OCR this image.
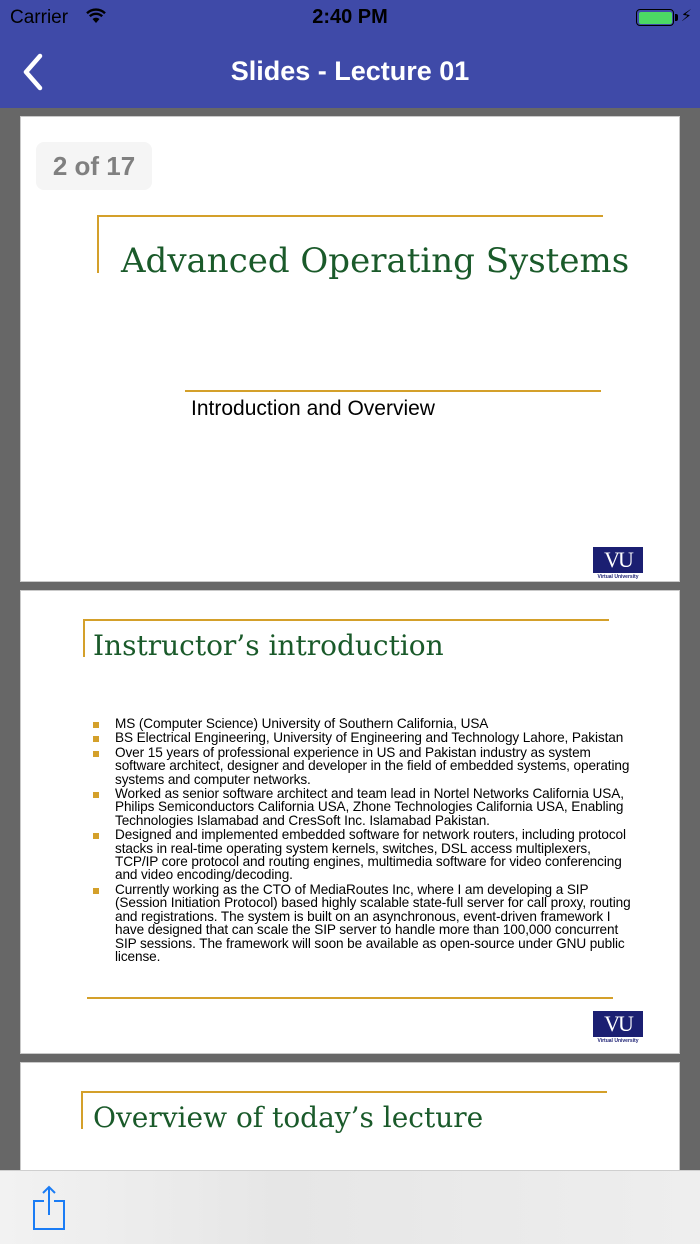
Carrier	2:40 PM	⚡︎
Slides - Lecture 01
Advanced Operating Systems
Introduction and Overview
VU
Virtual University
2 of 17
Instructor’s introduction
MS (Computer Science) University of Southern California, USA
BS Electrical Engineering, University of Engineering and Technology Lahore, Pakistan
Over 15 years of professional experience in US and Pakistan industry as system software architect, designer and developer in the field of embedded systems, operating systems and computer networks.
Worked as senior software architect and team lead in Nortel Networks California USA, Philips Semiconductors California USA, Zhone Technologies California USA, Enabling Technologies Islamabad and CresSoft Inc. Islamabad Pakistan.
Designed and implemented embedded software for network routers, including protocol stacks in real-time operating system kernels, switches, DSL access multiplexers, TCP/IP core protocol and routing engines, multimedia software for video conferencing and video encoding/decoding.
Currently working as the CTO of MediaRoutes Inc, where I am developing a SIP (Session Initiation Protocol) based highly scalable state-full server for call proxy, routing and registrations. The system is built on an asynchronous, event-driven framework I have designed that can scale the SIP server to handle more than 100,000 concurrent SIP sessions. The framework will soon be available as open-source under GNU public license.
VU
Virtual University
Overview of today’s lecture
